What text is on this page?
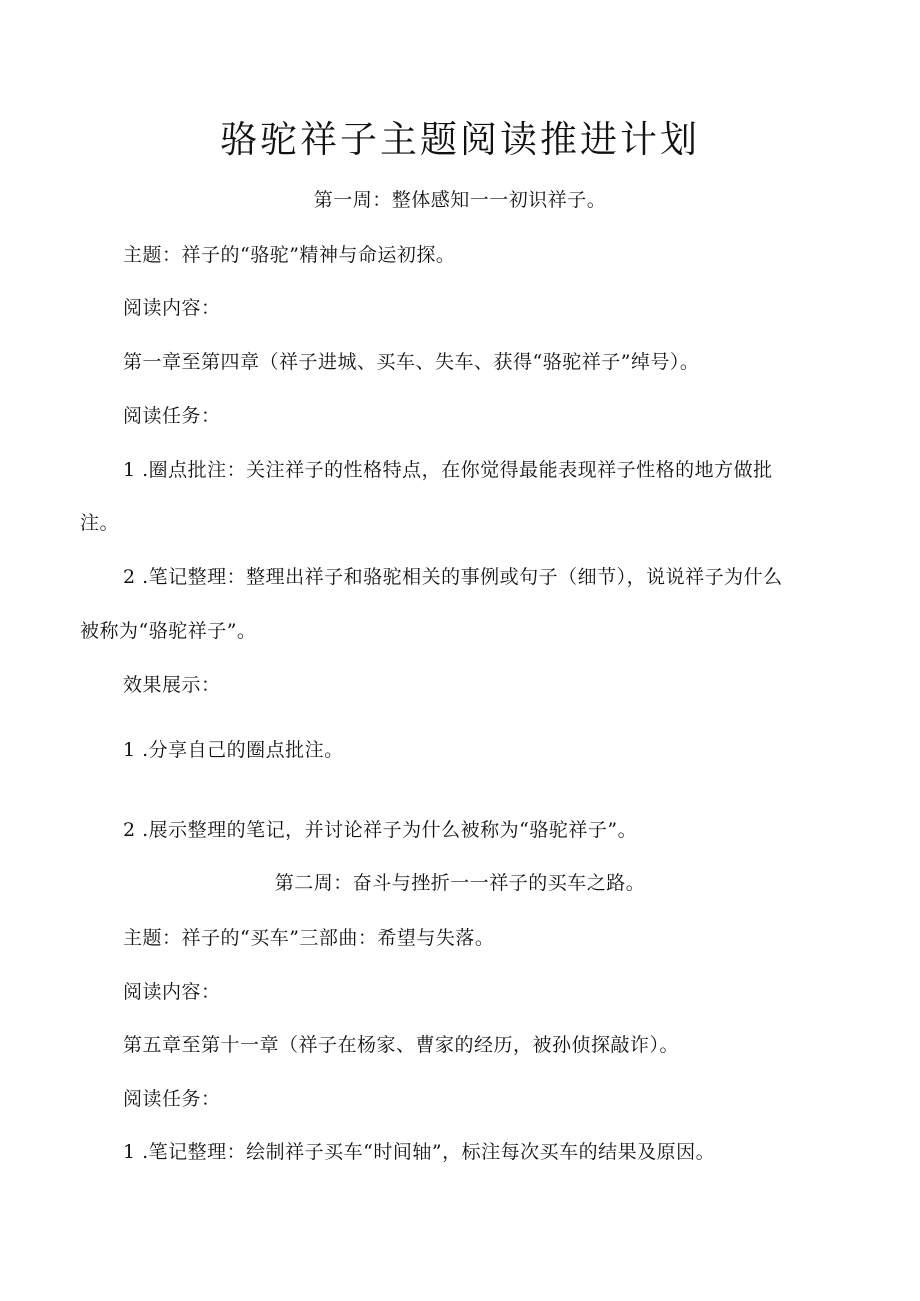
骆驼祥子主题阅读推进计划
第一周：整体感知一一初识祥子。
主题：祥子的“骆驼”精神与命运初探。
阅读内容：
第一章至第四章（祥子进城、买车、失车、获得“骆驼祥子”绰号）。
阅读任务：
1 .圈点批注：关注祥子的性格特点，在你觉得最能表现祥子性格的地方做批
注。
2 .笔记整理：整理出祥子和骆驼相关的事例或句子（细节），说说祥子为什么
被称为“骆驼祥子”。
效果展示：
1 .分享自己的圈点批注。
2 .展示整理的笔记，并讨论祥子为什么被称为“骆驼祥子”。
第二周：奋斗与挫折一一祥子的买车之路。
主题：祥子的“买车”三部曲：希望与失落。
阅读内容：
第五章至第十一章（祥子在杨家、曹家的经历，被孙侦探敲诈）。
阅读任务：
1 .笔记整理：绘制祥子买车“时间轴”，标注每次买车的结果及原因。
